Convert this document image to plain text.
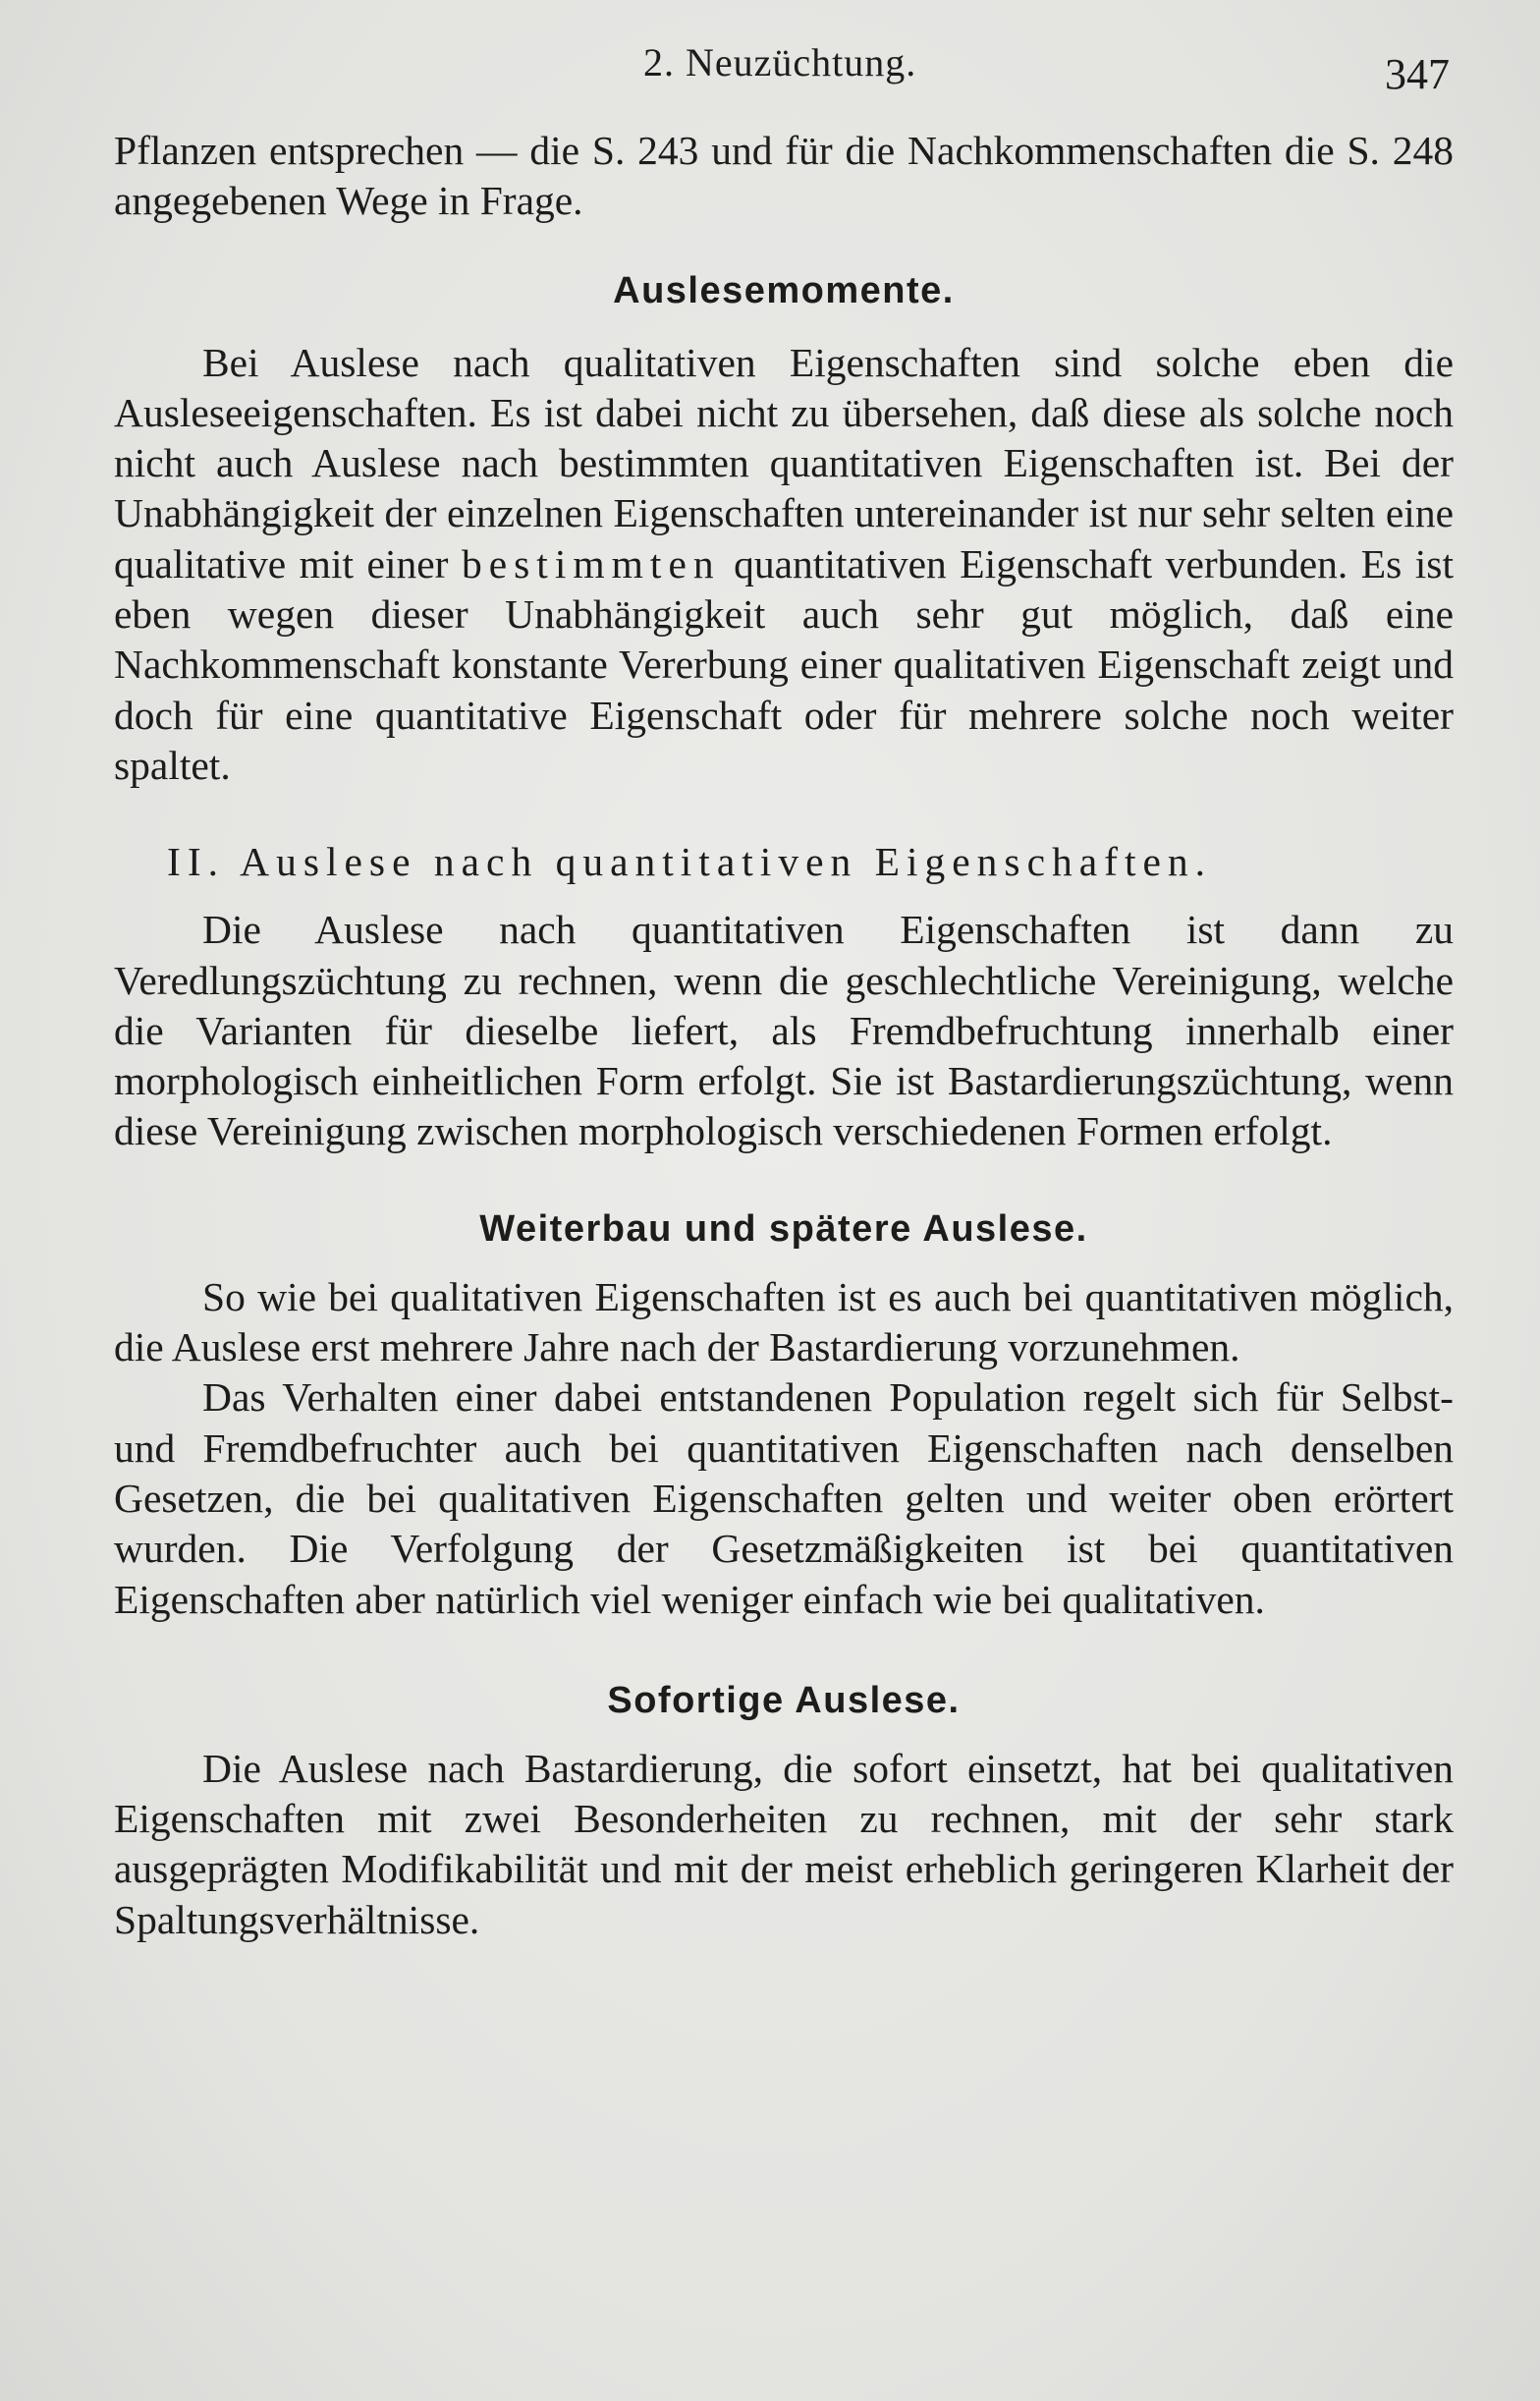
2. Neuzüchtung.	347

Pflanzen entsprechen — die S. 243 und für die Nachkommenschaften die S. 248 angegebenen Wege in Frage.

Auslesemomente.

Bei Auslese nach qualitativen Eigenschaften sind solche eben die Ausleseeigenschaften. Es ist dabei nicht zu übersehen, daß diese als solche noch nicht auch Auslese nach bestimmten quantitativen Eigenschaften ist. Bei der Unabhängigkeit der einzelnen Eigenschaften untereinander ist nur sehr selten eine qualitative mit einer bestimmten quantitativen Eigenschaft verbunden. Es ist eben wegen dieser Unabhängigkeit auch sehr gut möglich, daß eine Nachkommenschaft konstante Vererbung einer qualitativen Eigenschaft zeigt und doch für eine quantitative Eigenschaft oder für mehrere solche noch weiter spaltet.

II. Auslese nach quantitativen Eigenschaften.

Die Auslese nach quantitativen Eigenschaften ist dann zu Veredlungszüchtung zu rechnen, wenn die geschlechtliche Vereinigung, welche die Varianten für dieselbe liefert, als Fremdbefruchtung innerhalb einer morphologisch einheitlichen Form erfolgt. Sie ist Bastardierungszüchtung, wenn diese Vereinigung zwischen morphologisch verschiedenen Formen erfolgt.

Weiterbau und spätere Auslese.

So wie bei qualitativen Eigenschaften ist es auch bei quantitativen möglich, die Auslese erst mehrere Jahre nach der Bastardierung vorzunehmen.

Das Verhalten einer dabei entstandenen Population regelt sich für Selbst- und Fremdbefruchter auch bei quantitativen Eigenschaften nach denselben Gesetzen, die bei qualitativen Eigenschaften gelten und weiter oben erörtert wurden. Die Verfolgung der Gesetzmäßigkeiten ist bei quantitativen Eigenschaften aber natürlich viel weniger einfach wie bei qualitativen.

Sofortige Auslese.

Die Auslese nach Bastardierung, die sofort einsetzt, hat bei qualitativen Eigenschaften mit zwei Besonderheiten zu rechnen, mit der sehr stark ausgeprägten Modifikabilität und mit der meist erheblich geringeren Klarheit der Spaltungsverhältnisse.
